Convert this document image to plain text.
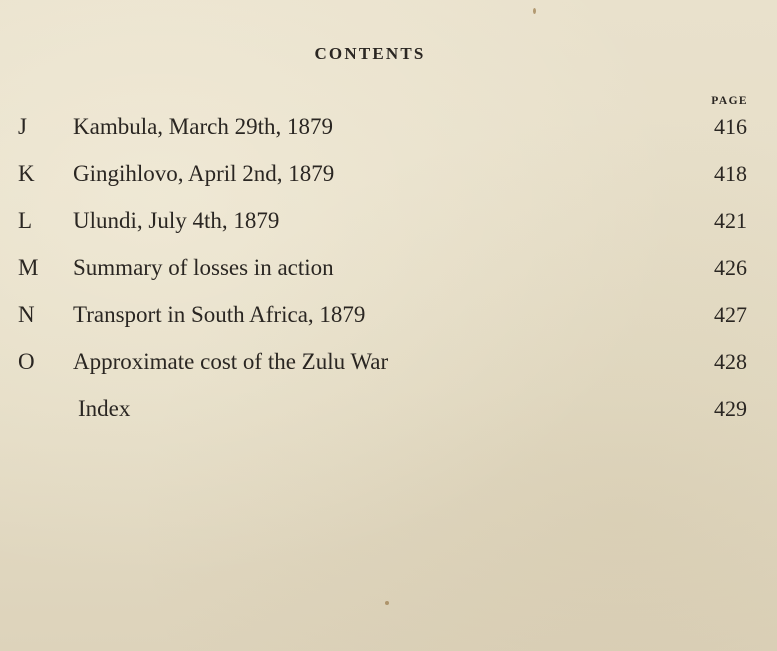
CONTENTS
PAGE
J	Kambula, March 29th, 1879	416
K	Gingihlovo, April 2nd, 1879	418
L	Ulundi, July 4th, 1879	421
M	Summary of losses in action	426
N	Transport in South Africa, 1879	427
O	Approximate cost of the Zulu War	428
Index	429
